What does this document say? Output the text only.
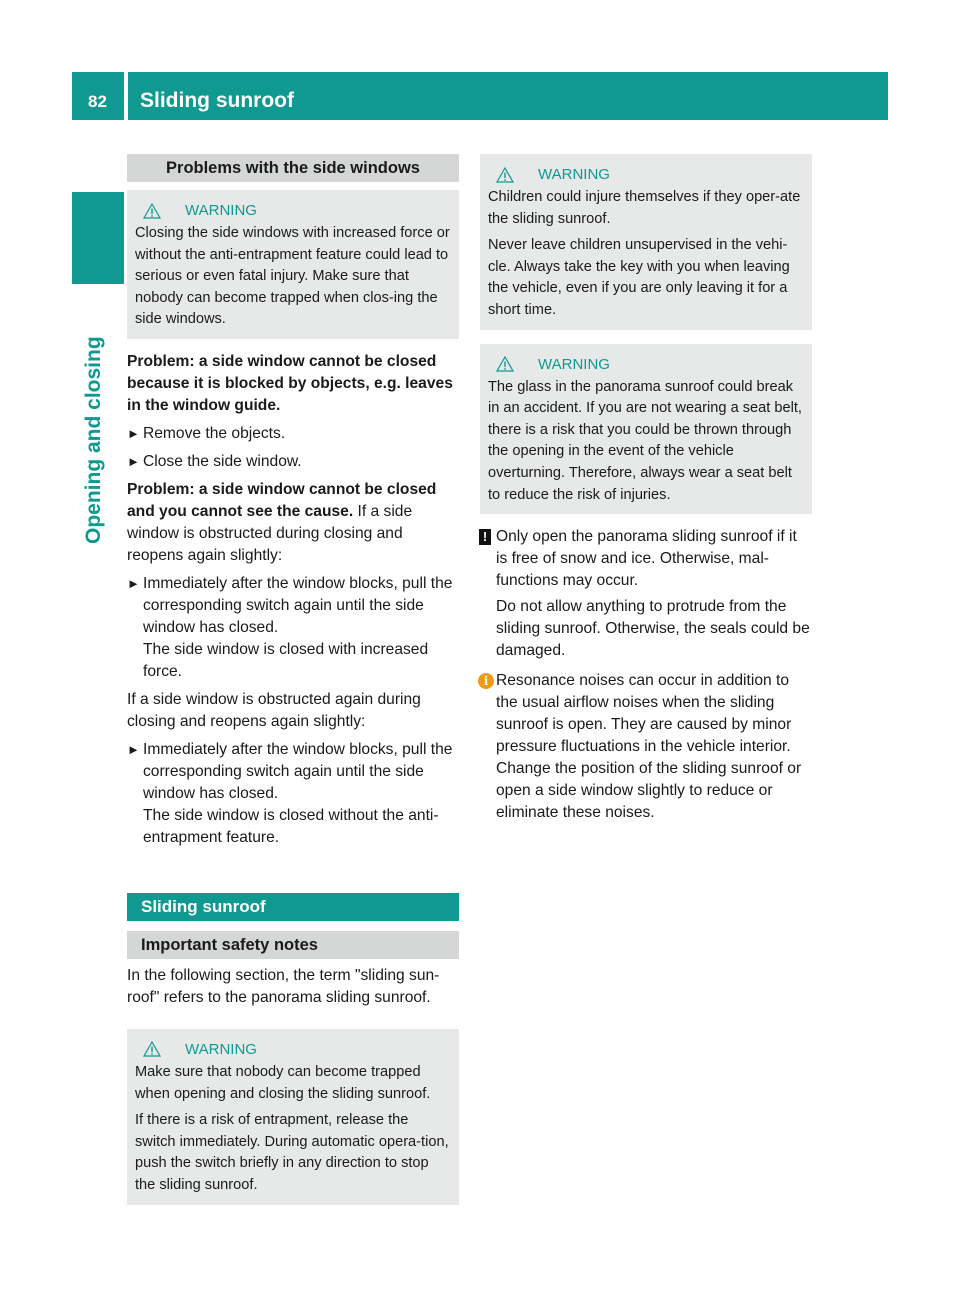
82 Sliding sunroof
Opening and closing
Problems with the side windows
WARNING

Closing the side windows with increased force or without the anti-entrapment feature could lead to serious or even fatal injury. Make sure that nobody can become trapped when clos-ing the side windows.

Problem: a side window cannot be closed because it is blocked by objects, e.g. leaves in the window guide.

► Remove the objects.
► Close the side window.

Problem: a side window cannot be closed and you cannot see the cause. If a side window is obstructed during closing and reopens again slightly:

► Immediately after the window blocks, pull the corresponding switch again until the side window has closed.
The side window is closed with increased force.

If a side window is obstructed again during closing and reopens again slightly:

► Immediately after the window blocks, pull the corresponding switch again until the side window has closed.
The side window is closed without the anti-entrapment feature.
Sliding sunroof
Important safety notes

In the following section, the term "sliding sun-roof" refers to the panorama sliding sunroof.

WARNING

Make sure that nobody can become trapped when opening and closing the sliding sunroof.

If there is a risk of entrapment, release the switch immediately. During automatic opera-tion, push the switch briefly in any direction to stop the sliding sunroof.

WARNING

Children could injure themselves if they oper-ate the sliding sunroof.

Never leave children unsupervised in the vehi-cle. Always take the key with you when leaving the vehicle, even if you are only leaving it for a short time.

WARNING

The glass in the panorama sunroof could break in an accident. If you are not wearing a seat belt, there is a risk that you could be thrown through the opening in the event of the vehicle overturning. Therefore, always wear a seat belt to reduce the risk of injuries.

! Only open the panorama sliding sunroof if it is free of snow and ice. Otherwise, mal-functions may occur.

Do not allow anything to protrude from the sliding sunroof. Otherwise, the seals could be damaged.

i Resonance noises can occur in addition to the usual airflow noises when the sliding sunroof is open. They are caused by minor pressure fluctuations in the vehicle interior. Change the position of the sliding sunroof or open a side window slightly to reduce or eliminate these noises.
